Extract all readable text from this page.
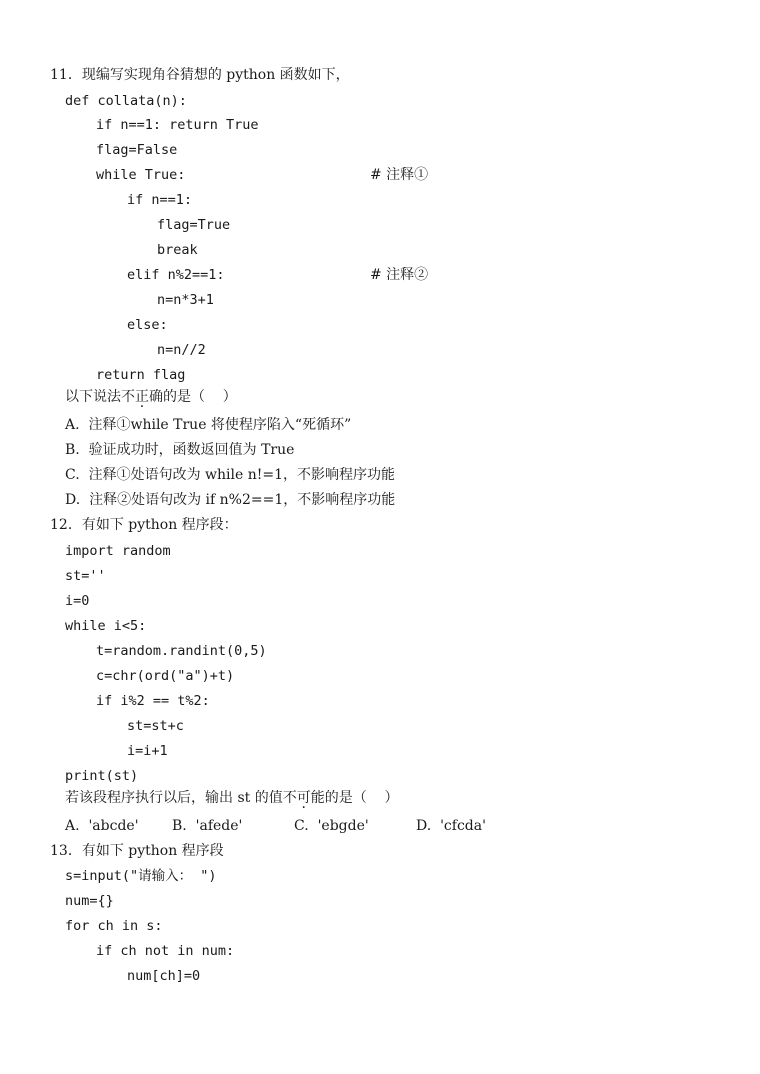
11．现编写实现角谷猜想的 python 函数如下，
def collata(n):
if n==1: return True
flag=False
while True:	# 注释①
if n==1:
flag=True
break
elif n%2==1:	# 注释②
n=n*3+1
else:
n=n//2
return flag
以下说法不正确的是（    ）
A.  注释①while True 将使程序陷入“死循环”
B.  验证成功时，函数返回值为 True
C.  注释①处语句改为 while n!=1，不影响程序功能
D.  注释②处语句改为 if n%2==1，不影响程序功能
12．有如下 python 程序段：
import random
st=''
i=0
while i<5:
t=random.randint(0,5)
c=chr(ord("a")+t)
if i%2 == t%2:
st=st+c
i=i+1
print(st)
若该段程序执行以后，输出 st 的值不可能的是（    ）
A.  'abcde' B.  'afede'	C.  'ebgde'	D.  'cfcda'
13．有如下 python 程序段
s=input("请输入： ")
num={}
for ch in s:
if ch not in num:
num[ch]=0
